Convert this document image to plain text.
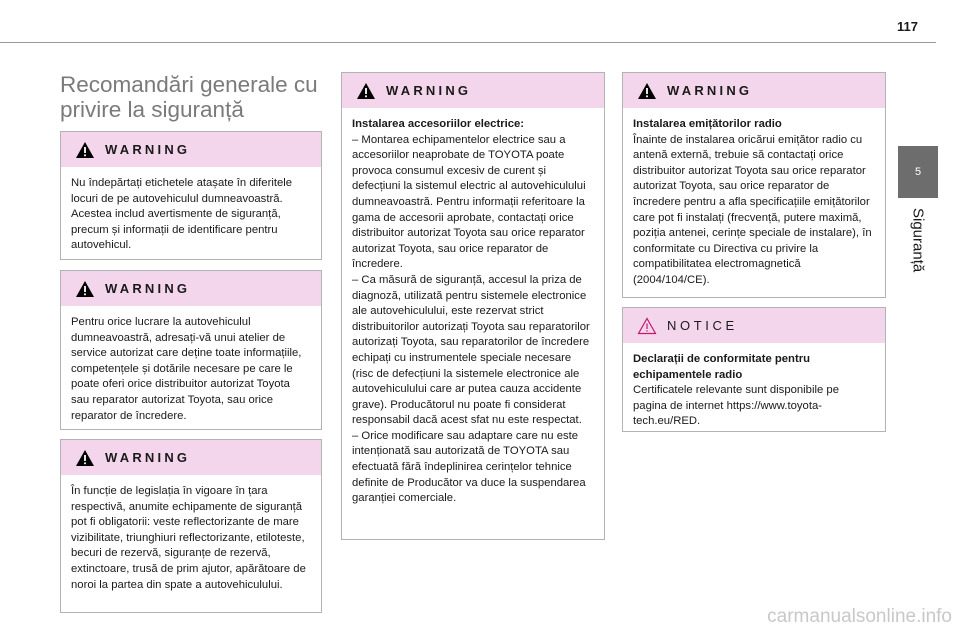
117
5
Siguranță
Recomandări generale cu privire la siguranță
WARNING

Nu îndepărtați etichetele atașate în diferitele locuri de pe autovehiculul dumneavoastră. Acestea includ avertismente de siguranță, precum și informații de identificare pentru autovehicul.

WARNING

Pentru orice lucrare la autovehiculul dumneavoastră, adresați-vă unui atelier de service autorizat care deține toate informațiile, competențele și dotările necesare pe care le poate oferi orice distribuitor autorizat Toyota sau reparator autorizat Toyota, sau orice reparator de încredere.

WARNING

În funcție de legislația în vigoare în țara respectivă, anumite echipamente de siguranță pot fi obligatorii: veste reflectorizante de mare vizibilitate, triunghiuri reflectorizante, etiloteste, becuri de rezervă, siguranțe de rezervă, extinctoare, trusă de prim ajutor, apărătoare de noroi la partea din spate a autovehiculului.

WARNING

Instalarea accesoriilor electrice:

– Montarea echipamentelor electrice sau a accesoriilor neaprobate de TOYOTA poate provoca consumul excesiv de curent și defecțiuni la sistemul electric al autovehiculului dumneavoastră. Pentru informații referitoare la gama de accesorii aprobate, contactați orice distribuitor autorizat Toyota sau orice reparator autorizat Toyota, sau orice reparator de încredere.

– Ca măsură de siguranță, accesul la priza de diagnoză, utilizată pentru sistemele electronice ale autovehiculului, este rezervat strict distribuitorilor autorizați Toyota sau reparatorilor autorizați Toyota, sau reparatorilor de încredere echipați cu instrumentele speciale necesare (risc de defecțiuni la sistemele electronice ale autovehiculului care ar putea cauza accidente grave). Producătorul nu poate fi considerat responsabil dacă acest sfat nu este respectat.

– Orice modificare sau adaptare care nu este intenționată sau autorizată de TOYOTA sau efectuată fără îndeplinirea cerințelor tehnice definite de Producător va duce la suspendarea garanției comerciale.

WARNING

Instalarea emițătorilor radio

Înainte de instalarea oricărui emițător radio cu antenă externă, trebuie să contactați orice distribuitor autorizat Toyota sau orice reparator autorizat Toyota, sau orice reparator de încredere pentru a afla specificațiile emițătorilor care pot fi instalați (frecvență, putere maximă, poziția antenei, cerințe speciale de instalare), în conformitate cu Directiva cu privire la compatibilitatea electromagnetică (2004/104/CE).

NOTICE

Declarații de conformitate pentru echipamentele radio

Certificatele relevante sunt disponibile pe pagina de internet https://www.toyota-tech.eu/RED.

carmanualsonline.info
